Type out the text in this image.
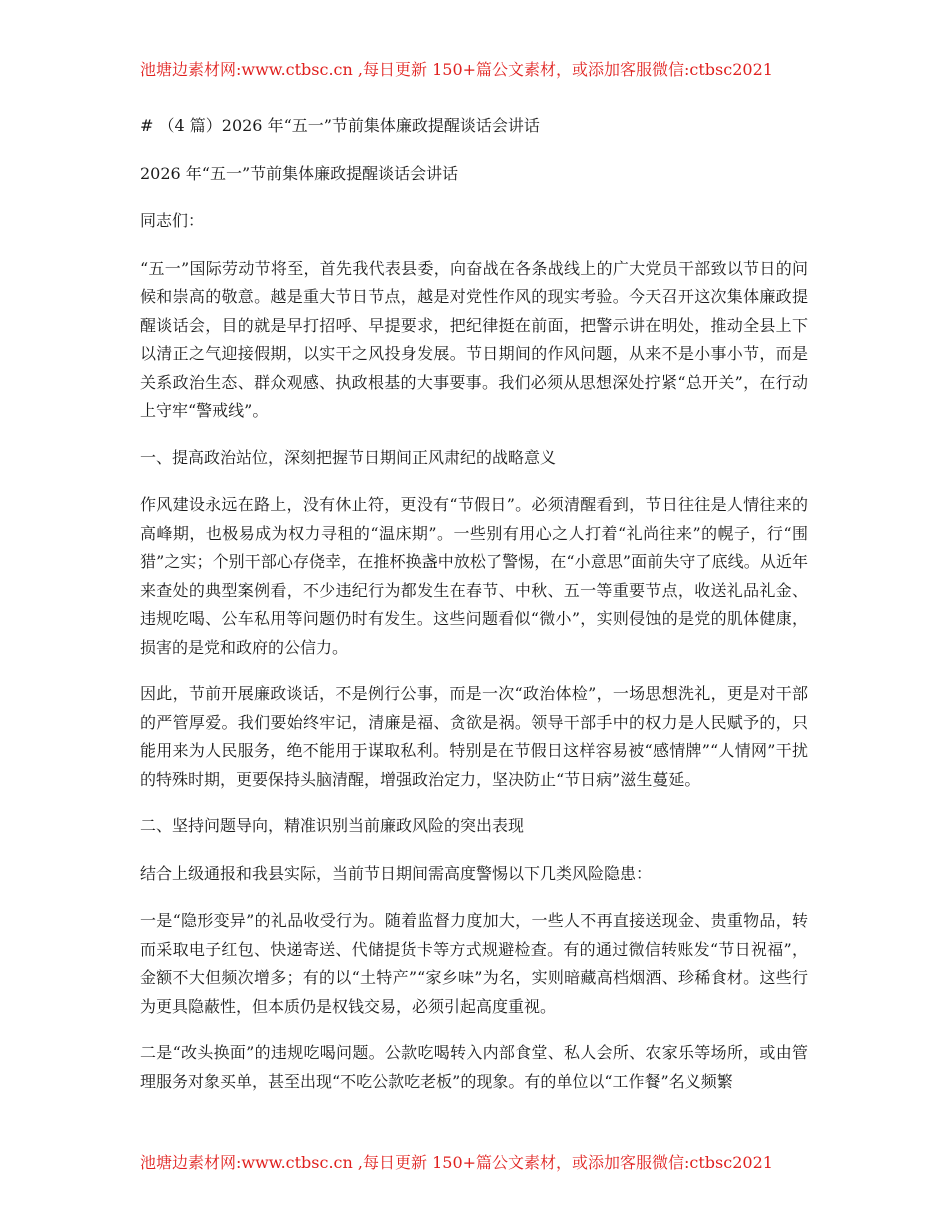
池塘边素材网:www.ctbsc.cn ,每日更新 150+篇公文素材，或添加客服微信:ctbsc2021

# （4 篇）2026 年“五一”节前集体廉政提醒谈话会讲话

2026 年“五一”节前集体廉政提醒谈话会讲话

同志们：

“五一”国际劳动节将至，首先我代表县委，向奋战在各条战线上的广大党员干部致以节日的问候和崇高的敬意。越是重大节日节点，越是对党性作风的现实考验。今天召开这次集体廉政提醒谈话会，目的就是早打招呼、早提要求，把纪律挺在前面，把警示讲在明处，推动全县上下以清正之气迎接假期，以实干之风投身发展。节日期间的作风问题，从来不是小事小节，而是关系政治生态、群众观感、执政根基的大事要事。我们必须从思想深处拧紧“总开关”，在行动上守牢“警戒线”。

一、提高政治站位，深刻把握节日期间正风肃纪的战略意义

作风建设永远在路上，没有休止符，更没有“节假日”。必须清醒看到，节日往往是人情往来的高峰期，也极易成为权力寻租的“温床期”。一些别有用心之人打着“礼尚往来”的幌子，行“围猎”之实；个别干部心存侥幸，在推杯换盏中放松了警惕，在“小意思”面前失守了底线。从近年来查处的典型案例看，不少违纪行为都发生在春节、中秋、五一等重要节点，收送礼品礼金、违规吃喝、公车私用等问题仍时有发生。这些问题看似“微小”，实则侵蚀的是党的肌体健康，损害的是党和政府的公信力。

因此，节前开展廉政谈话，不是例行公事，而是一次“政治体检”，一场思想洗礼，更是对干部的严管厚爱。我们要始终牢记，清廉是福、贪欲是祸。领导干部手中的权力是人民赋予的，只能用来为人民服务，绝不能用于谋取私利。特别是在节假日这样容易被“感情牌”“人情网”干扰的特殊时期，更要保持头脑清醒，增强政治定力，坚决防止“节日病”滋生蔓延。

二、坚持问题导向，精准识别当前廉政风险的突出表现

结合上级通报和我县实际，当前节日期间需高度警惕以下几类风险隐患：

一是“隐形变异”的礼品收受行为。随着监督力度加大，一些人不再直接送现金、贵重物品，转而采取电子红包、快递寄送、代储提货卡等方式规避检查。有的通过微信转账发“节日祝福”，金额不大但频次增多；有的以“土特产”“家乡味”为名，实则暗藏高档烟酒、珍稀食材。这些行为更具隐蔽性，但本质仍是权钱交易，必须引起高度重视。

二是“改头换面”的违规吃喝问题。公款吃喝转入内部食堂、私人会所、农家乐等场所，或由管理服务对象买单，甚至出现“不吃公款吃老板”的现象。有的单位以“工作餐”名义频繁

池塘边素材网:www.ctbsc.cn ,每日更新 150+篇公文素材，或添加客服微信:ctbsc2021
